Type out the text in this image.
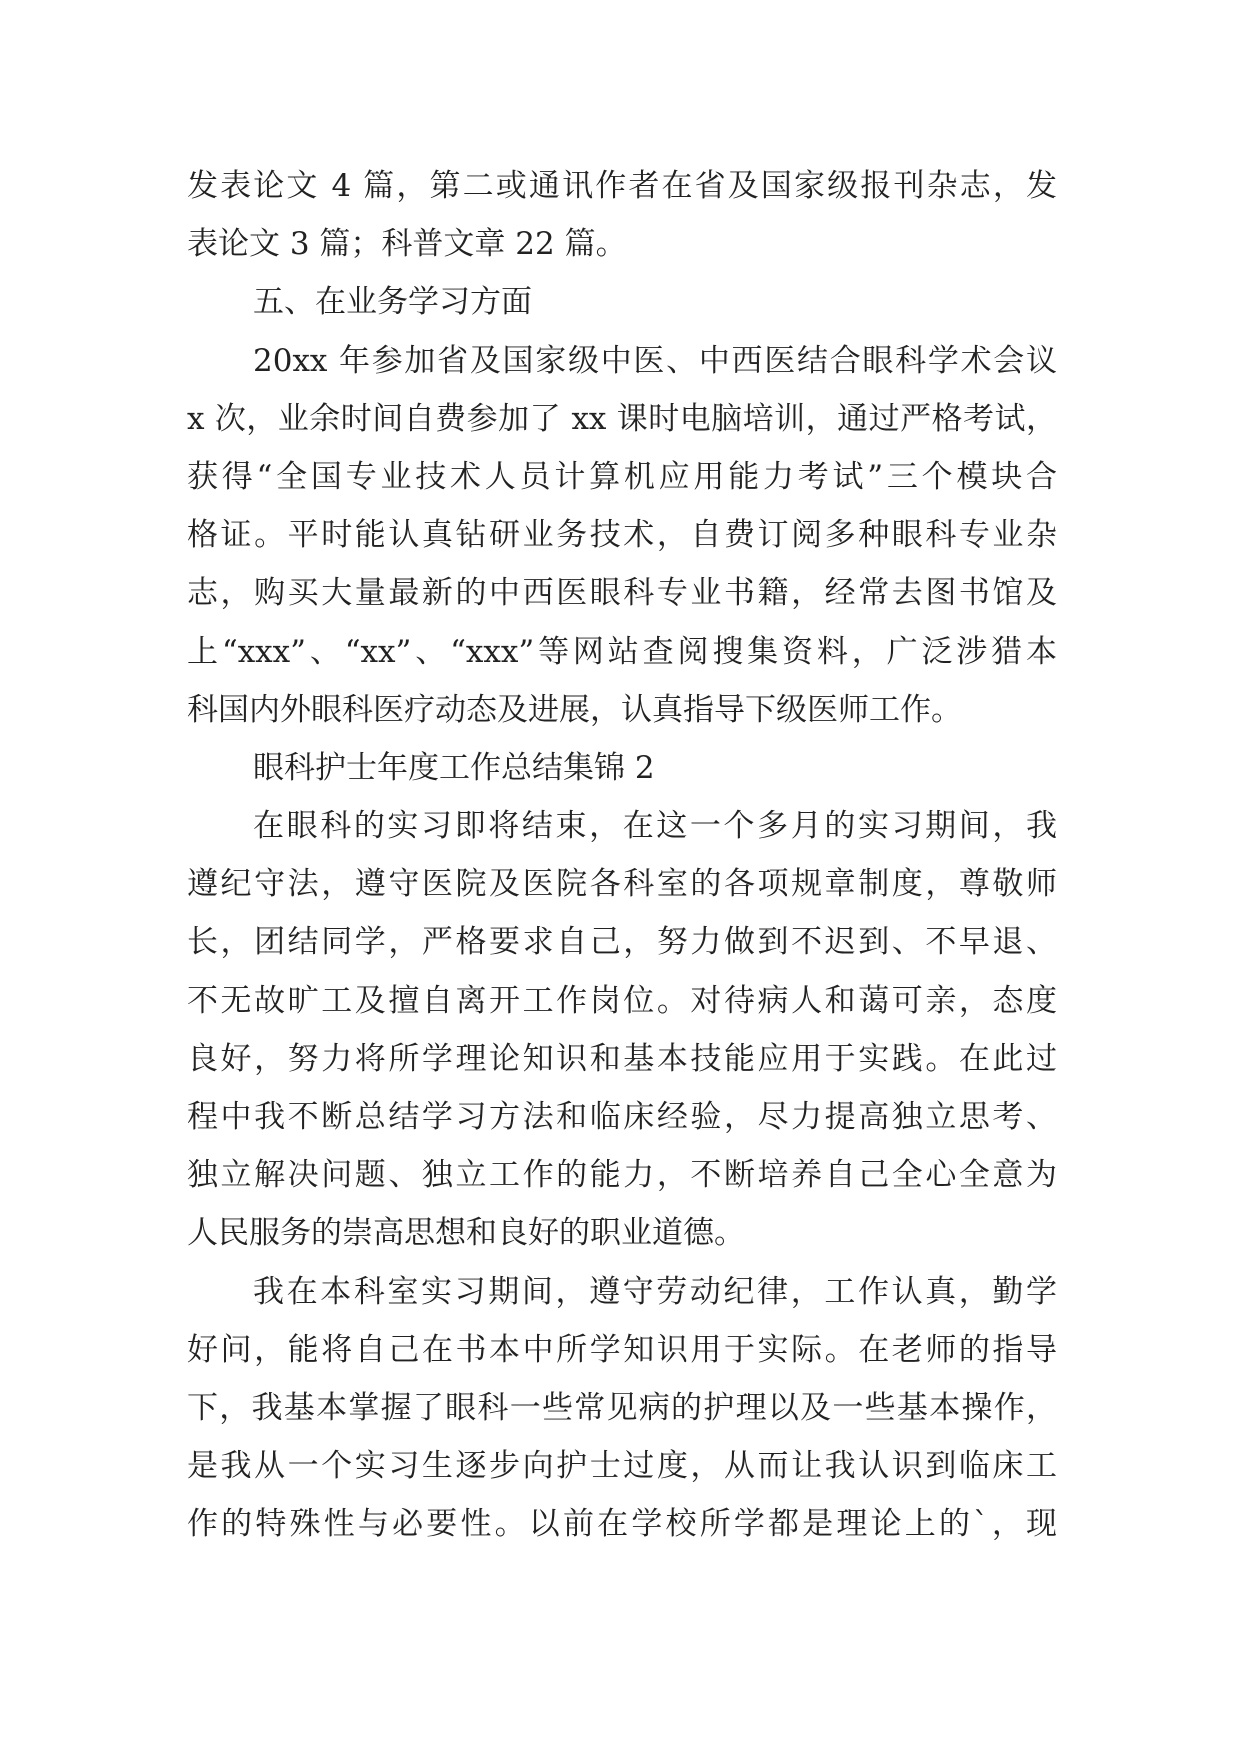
发表论文 4 篇，第二或通讯作者在省及国家级报刊杂志，发
表论文 3 篇；科普文章 22 篇。
五、在业务学习方面
20xx 年参加省及国家级中医、中西医结合眼科学术会议
x 次，业余时间自费参加了 xx 课时电脑培训，通过严格考试，
获得“全国专业技术人员计算机应用能力考试”三个模块合
格证。平时能认真钻研业务技术，自费订阅多种眼科专业杂
志，购买大量最新的中西医眼科专业书籍，经常去图书馆及
上“xxx”、“xx”、“xxx”等网站查阅搜集资料，广泛涉猎本
科国内外眼科医疗动态及进展，认真指导下级医师工作。
眼科护士年度工作总结集锦 2
在眼科的实习即将结束，在这一个多月的实习期间，我
遵纪守法，遵守医院及医院各科室的各项规章制度，尊敬师
长，团结同学，严格要求自己，努力做到不迟到、不早退、
不无故旷工及擅自离开工作岗位。对待病人和蔼可亲，态度
良好，努力将所学理论知识和基本技能应用于实践。在此过
程中我不断总结学习方法和临床经验，尽力提高独立思考、
独立解决问题、独立工作的能力，不断培养自己全心全意为
人民服务的崇高思想和良好的职业道德。
我在本科室实习期间，遵守劳动纪律，工作认真，勤学
好问，能将自己在书本中所学知识用于实际。在老师的指导
下，我基本掌握了眼科一些常见病的护理以及一些基本操作，
是我从一个实习生逐步向护士过度，从而让我认识到临床工
作的特殊性与必要性。以前在学校所学都是理论上的`，现
